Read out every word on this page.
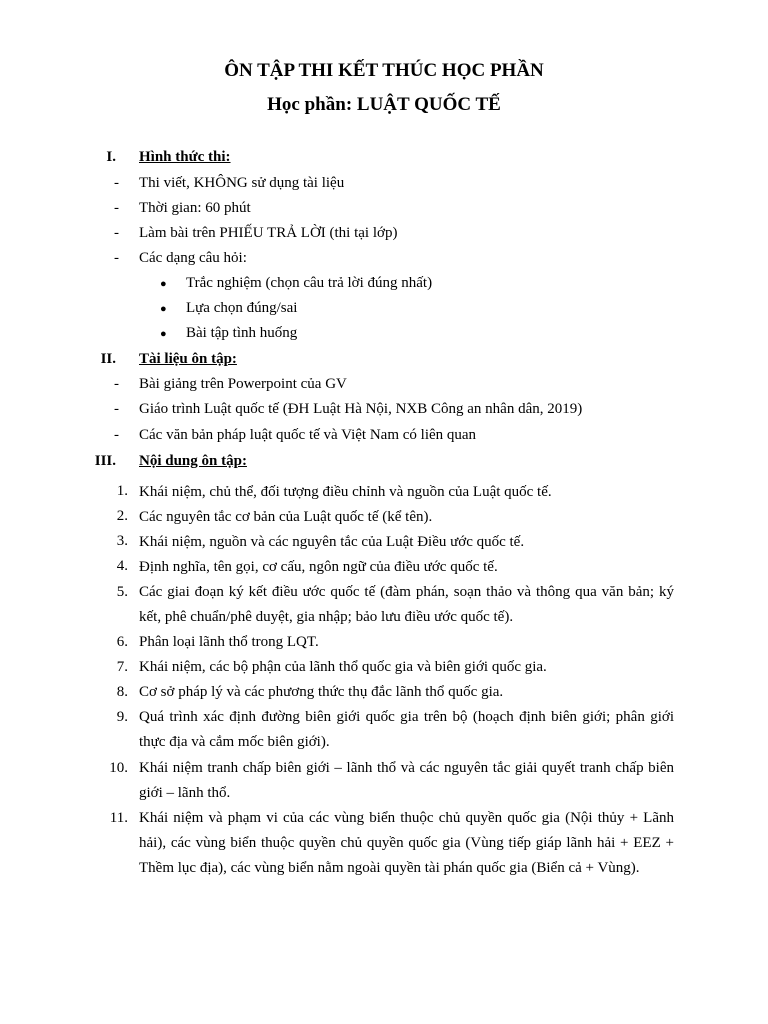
ÔN TẬP THI KẾT THÚC HỌC PHẦN
Học phần: LUẬT QUỐC TẾ
I. Hình thức thi:
- Thi viết, KHÔNG sử dụng tài liệu
- Thời gian: 60 phút
- Làm bài trên PHIẾU TRẢ LỜI (thi tại lớp)
- Các dạng câu hỏi:
● Trắc nghiệm (chọn câu trả lời đúng nhất)
● Lựa chọn đúng/sai
● Bài tập tình huống
II. Tài liệu ôn tập:
- Bài giảng trên Powerpoint của GV
- Giáo trình Luật quốc tế (ĐH Luật Hà Nội, NXB Công an nhân dân, 2019)
- Các văn bản pháp luật quốc tế và Việt Nam có liên quan
III. Nội dung ôn tập:
1. Khái niệm, chủ thể, đối tượng điều chỉnh và nguồn của Luật quốc tế.
2. Các nguyên tắc cơ bản của Luật quốc tế (kể tên).
3. Khái niệm, nguồn và các nguyên tắc của Luật Điều ước quốc tế.
4. Định nghĩa, tên gọi, cơ cấu, ngôn ngữ của điều ước quốc tế.
5. Các giai đoạn ký kết điều ước quốc tế (đàm phán, soạn thảo và thông qua văn bản; ký kết, phê chuẩn/phê duyệt, gia nhập; bảo lưu điều ước quốc tế).
6. Phân loại lãnh thổ trong LQT.
7. Khái niệm, các bộ phận của lãnh thổ quốc gia và biên giới quốc gia.
8. Cơ sở pháp lý và các phương thức thụ đắc lãnh thổ quốc gia.
9. Quá trình xác định đường biên giới quốc gia trên bộ (hoạch định biên giới; phân giới thực địa và cắm mốc biên giới).
10. Khái niệm tranh chấp biên giới – lãnh thổ và các nguyên tắc giải quyết tranh chấp biên giới – lãnh thổ.
11. Khái niệm và phạm vi của các vùng biển thuộc chủ quyền quốc gia (Nội thủy + Lãnh hải), các vùng biển thuộc quyền chủ quyền quốc gia (Vùng tiếp giáp lãnh hải + EEZ + Thềm lục địa), các vùng biển nằm ngoài quyền tài phán quốc gia (Biển cả + Vùng).
